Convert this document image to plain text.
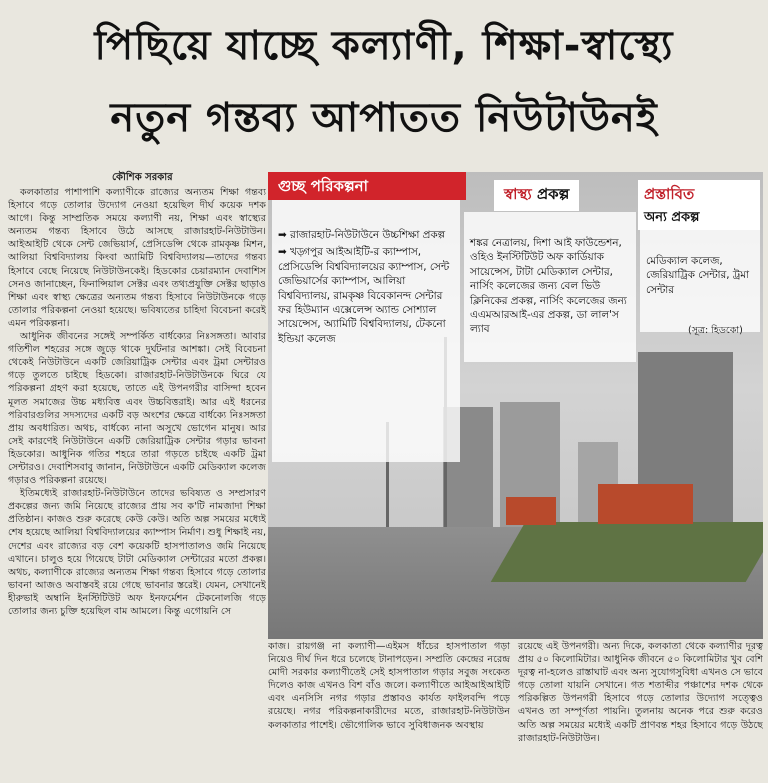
পিছিয়ে যাচ্ছে কল্যাণী, শিক্ষা-স্বাস্থ্যে
নতুন গন্তব্য আপাতত নিউটাউনই
কৌশিক সরকার

কলকাতার পাশাপাশি কল্যাণীকে রাজ্যের অন্যতম শিক্ষা গন্তব্য হিসাবে গড়ে তোলার উদ্যোগ নেওয়া হয়েছিল দীর্ঘ কয়েক দশক আগে। কিন্তু সাম্প্রতিক সময়ে কল্যাণী নয়, শিক্ষা এবং স্বাস্থ্যের অন্যতম গন্তব্য হিসাবে উঠে আসছে রাজারহাট-নিউটাউন। আইআইটি থেকে সেন্ট জেভিয়ার্স, প্রেসিডেন্সি থেকে রামকৃষ্ণ মিশন, আলিয়া বিশ্ববিদ্যালয় কিংবা অ্যামিটি বিশ্ববিদ্যালয়—তাদের গন্তব্য হিসাবে বেছে নিয়েছে নিউটাউনকেই। হিডকোর চেয়ারম্যান দেবাশিস সেনও জানাচ্ছেন, ফিনান্সিয়াল সেক্টর এবং তথ্যপ্রযুক্তি সেক্টর ছাড়াও শিক্ষা এবং স্বাস্থ্য ক্ষেত্রের অন্যতম গন্তব্য হিসাবে নিউটাউনকে গড়ে তোলার পরিকল্পনা নেওয়া হয়েছে। ভবিষ্যতের চাহিদা বিবেচনা করেই এমন পরিকল্পনা।

আধুনিক জীবনের সঙ্গেই সম্পর্কিত বার্ধক্যের নিঃসঙ্গতা। আবার গতিশীল শহরের সঙ্গে জুড়ে থাকে দুর্ঘটনার আশঙ্কা। সেই বিবেচনা থেকেই নিউটাউনে একটি জেরিয়াট্রিক সেন্টার এবং ট্রমা সেন্টারও গড়ে তুলতে চাইছে হিডকো। রাজারহাট-নিউটাউনকে ঘিরে যে পরিকল্পনা গ্রহণ করা হয়েছে, তাতে এই উপনগরীর বাসিন্দা হবেন মূলত সমাজের উচ্চ মধ্যবিত্ত এবং উচ্চবিত্তরাই। আর এই ধরনের পরিবারগুলির সদস্যদের একটি বড় অংশের ক্ষেত্রে বার্ধক্যে নিঃসঙ্গতা প্রায় অবধারিত। অথচ, বার্ধক্যে নানা অসুখে ভোগেন মানুষ। আর সেই কারণেই নিউটাউনে একটি জেরিয়াট্রিক সেন্টার গড়ার ভাবনা হিডকোর। আধুনিক গতির শহরে তারা গড়তে চাইছে একটি ট্রমা সেন্টারও। দেবাশিসবাবু জানান, নিউটাউনে একটি মেডিক্যাল কলেজ গড়ারও পরিকল্পনা রয়েছে।

ইতিমধ্যেই রাজারহাট-নিউটাউনে তাদের ভবিষ্যত ও সম্প্রসারণ প্রকল্পের জন্য জমি নিয়েছে রাজ্যের প্রায় সব ক'টি নামজাদা শিক্ষা প্রতিষ্ঠান। কাজও শুরু করেছে কেউ কেউ। অতি অল্প সময়ের মধ্যেই শেষ হয়েছে আলিয়া বিশ্ববিদ্যালয়ের ক্যাম্পাস নির্মাণ। শুধু শিক্ষাই নয়, দেশের এবং রাজ্যের বড় বেশ কয়েকটি হাসপাতালও জমি নিয়েছে এখানে। চালুও হয়ে গিয়েছে টাটা মেডিক্যাল সেন্টারের মতো প্রকল্প। অথচ, কল্যাণীকে রাজ্যের অন্যতম শিক্ষা গন্তব্য হিসাবে গড়ে তোলার ভাবনা আজও অবাস্তবই রয়ে গেছে ভাবনার স্তরেই। যেমন, সেখানেই হীরুভাই অম্বানি ইনস্টিটিউট অফ ইনফর্মেশন টেকনোলজি গড়ে তোলার জন্য চুক্তি হয়েছিল বাম আমলে। কিন্তু এগোয়নি সে

➡ রাজারহাট-নিউটাউনে উচ্চশিক্ষা প্রকল্প

➡ খড়্গপুর আইআইটি-র ক্যাম্পাস, প্রেসিডেন্সি বিশ্ববিদ্যালয়ের ক্যাম্পাস, সেন্ট জেভিয়ার্সের ক্যাম্পাস, আলিয়া বিশ্ববিদ্যালয়, রামকৃষ্ণ বিবেকানন্দ সেন্টার ফর হিউম্যান এক্সেলেন্স অ্যান্ড সোশ্যাল সায়েন্সেস, অ্যামিটি বিশ্ববিদ্যালয়, টেকনো ইন্ডিয়া কলেজ

গুচ্ছ পরিকল্পনা

শঙ্কর নেত্রালয়, দিশা আই ফাউন্ডেশন, ওহিও ইনস্টিটিউট অফ কার্ডিয়াক সায়েন্সেস, টাটা মেডিক্যাল সেন্টার, নার্সিং কলেজের জন্য বেল ভিউ ক্লিনিকের প্রকল্প, নার্সিং কলেজের জন্য এএমআরআই-এর প্রকল্প, ডা লাল'স ল্যাব

স্বাস্থ্য প্রকল্প

মেডিক্যাল কলেজ, জেরিয়াট্রিক সেন্টার, ট্রমা সেন্টার

প্রস্তাবিত
অন্য প্রকল্প
(সূত্র: হিডকো)

কাজ। রায়গঞ্জ না কল্যাণী—এইমস ধাঁচের হাসপাতাল গড়া নিয়েও দীর্ঘ দিন ধরে চলেছে টানাপড়েন। সম্প্রতি কেন্দ্রের নরেন্দ্র মোদী সরকার কল্যাণীতেই সেই হাসপাতাল গড়ার সবুজ সংকেত দিলেও কাজ এখনও বিশ বাঁও জলে। কল্যাণীতে আইআইআইটি এবং এনসিসি নগর গড়ার প্রস্তাবও কার্যত ফাইলবন্দি পড়ে রয়েছে। নগর পরিকল্পনাকারীদের মতে, রাজারহাট-নিউটাউন কলকাতার পাশেই। ভৌগোলিক ভাবে সুবিধাজনক অবস্থায়

রয়েছে এই উপনগরী। অন্য দিকে, কলকাতা থেকে কল্যাণীর দূরত্ব প্রায় ৫০ কিলোমিটার। আধুনিক জীবনে ৫০ কিলোমিটার খুব বেশি দূরত্ব না-হলেও রাস্তাঘাট এবং অন্য সুযোগসুবিধা এখনও সে ভাবে গড়ে তোলা যায়নি সেখানে। গত শতাব্দীর পঞ্চাশের দশক থেকে পরিকল্পিত উপনগরী হিসাবে গড়ে তোলার উদ্যোগ সত্ত্বেও এখনও তা সম্পূর্ণতা পায়নি। তুলনায় অনেক পরে শুরু করেও অতি অল্প সময়ের মধ্যেই একটি প্রাণবন্ত শহর হিসাবে গড়ে উঠছে রাজারহাট-নিউটাউন।
